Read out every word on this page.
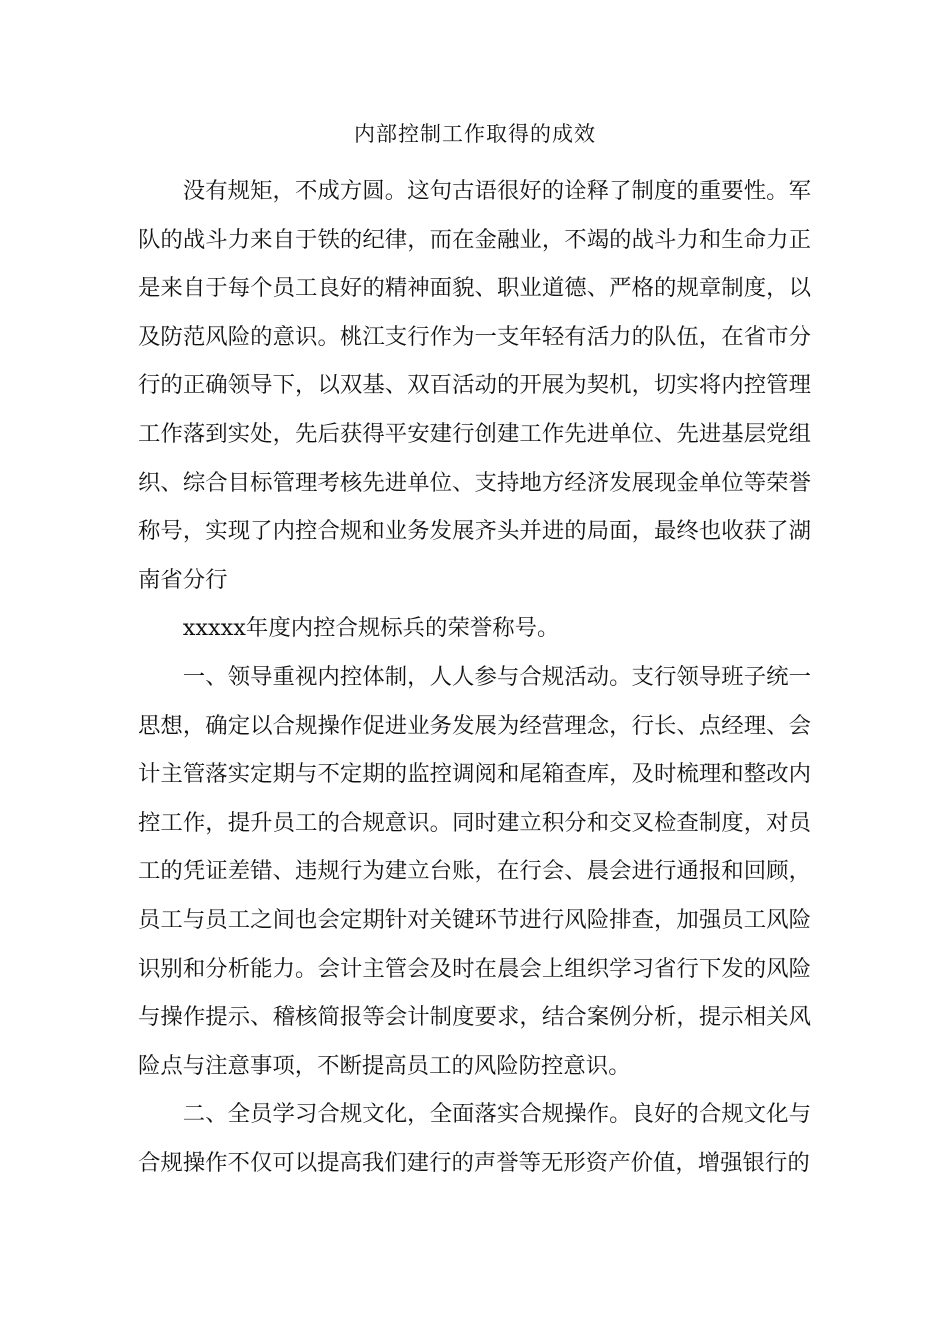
内部控制工作取得的成效

没有规矩，不成方圆。这句古语很好的诠释了制度的重要性。军队的战斗力来自于铁的纪律，而在金融业，不竭的战斗力和生命力正是来自于每个员工良好的精神面貌、职业道德、严格的规章制度，以及防范风险的意识。桃江支行作为一支年轻有活力的队伍，在省市分行的正确领导下，以双基、双百活动的开展为契机，切实将内控管理工作落到实处，先后获得平安建行创建工作先进单位、先进基层党组织、综合目标管理考核先进单位、支持地方经济发展现金单位等荣誉称号，实现了内控合规和业务发展齐头并进的局面，最终也收获了湖南省分行

xxxxx年度内控合规标兵的荣誉称号。

一、领导重视内控体制，人人参与合规活动。支行领导班子统一思想，确定以合规操作促进业务发展为经营理念，行长、点经理、会计主管落实定期与不定期的监控调阅和尾箱查库，及时梳理和整改内控工作，提升员工的合规意识。同时建立积分和交叉检查制度，对员工的凭证差错、违规行为建立台账，在行会、晨会进行通报和回顾，员工与员工之间也会定期针对关键环节进行风险排查，加强员工风险识别和分析能力。会计主管会及时在晨会上组织学习省行下发的风险与操作提示、稽核简报等会计制度要求，结合案例分析，提示相关风险点与注意事项，不断提高员工的风险防控意识。

二、全员学习合规文化，全面落实合规操作。良好的合规文化与合规操作不仅可以提高我们建行的声誉等无形资产价值，增强银行的
